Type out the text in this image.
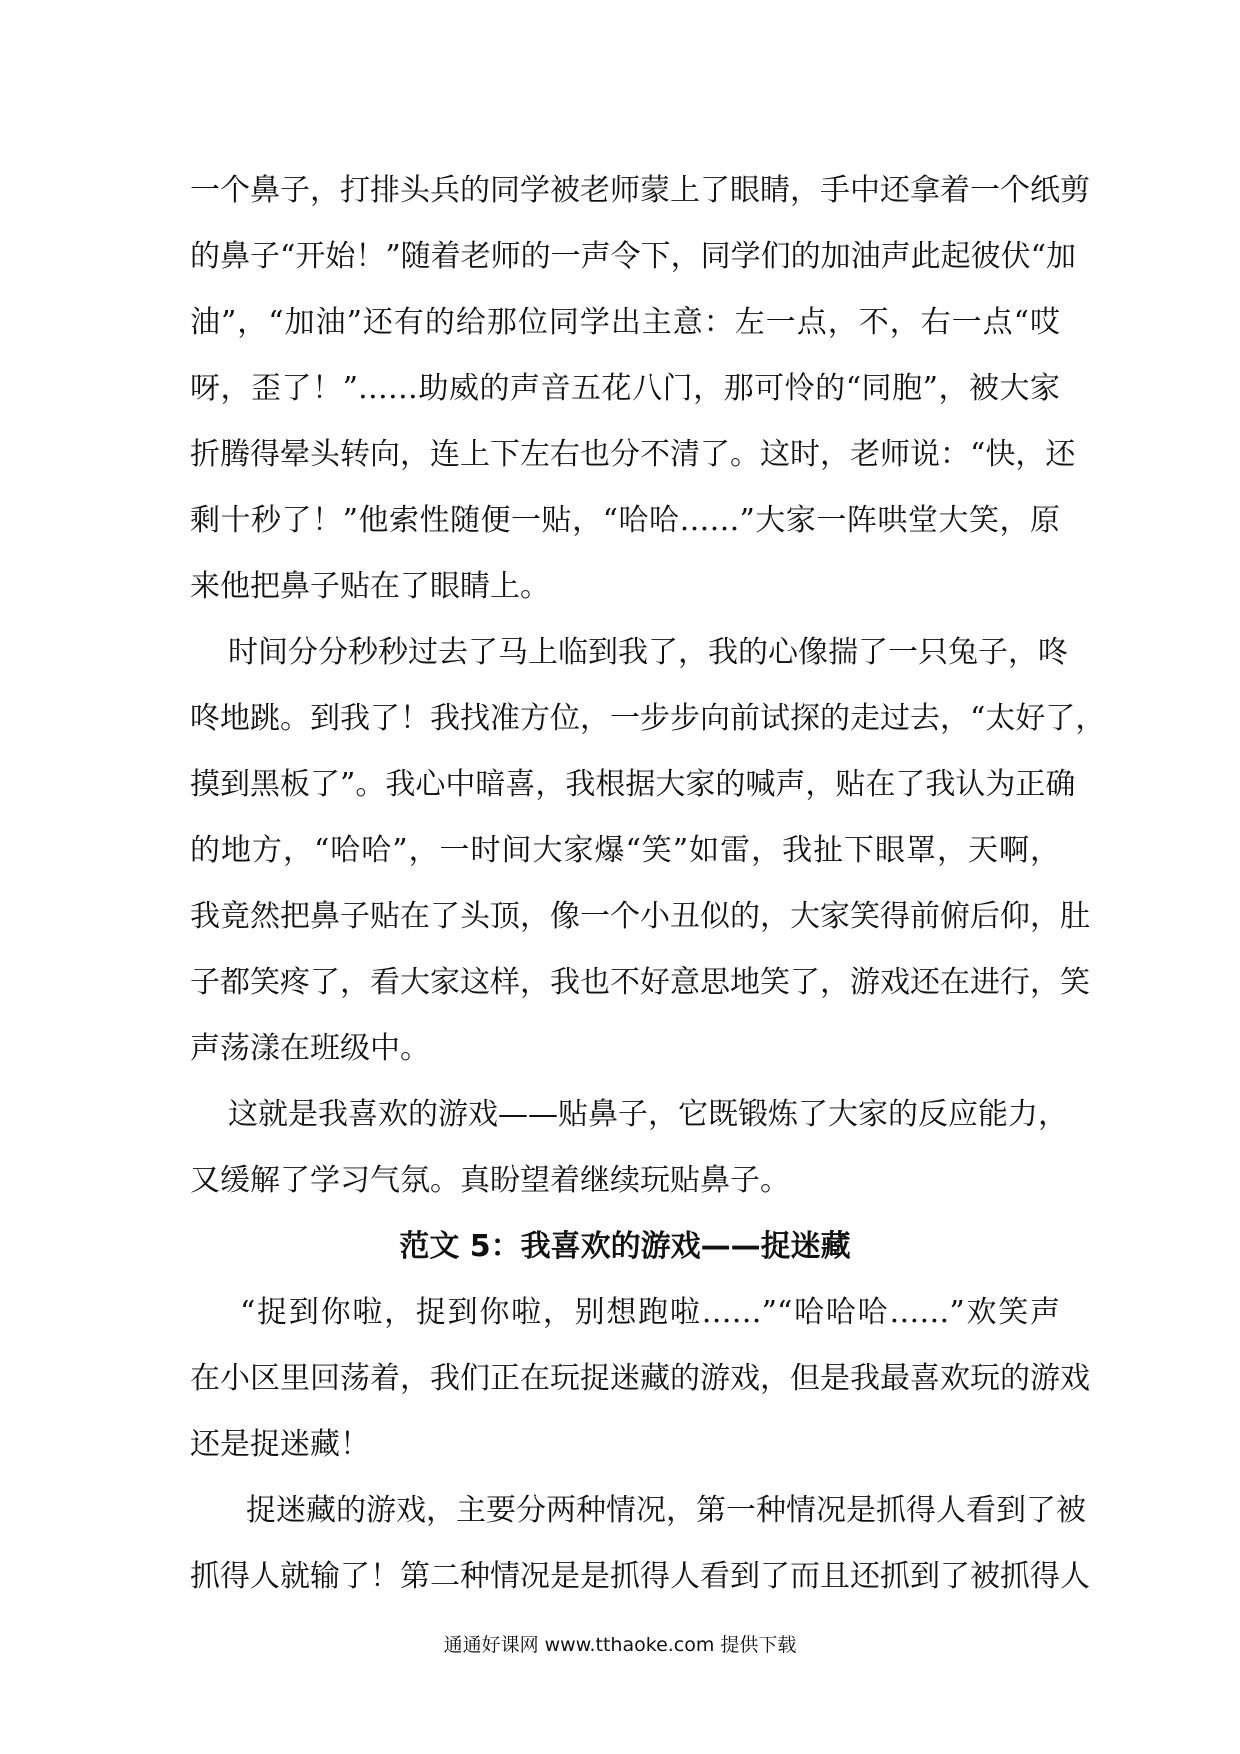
一个鼻子，打排头兵的同学被老师蒙上了眼睛，手中还拿着一个纸剪
的鼻子“开始！”随着老师的一声令下，同学们的加油声此起彼伏“加
油”，“加油”还有的给那位同学出主意：左一点，不，右一点“哎
呀，歪了！”……助威的声音五花八门，那可怜的“同胞”，被大家
折腾得晕头转向，连上下左右也分不清了。这时，老师说：“快，还
剩十秒了！”他索性随便一贴，“哈哈……”大家一阵哄堂大笑，原
来他把鼻子贴在了眼睛上。
时间分分秒秒过去了马上临到我了，我的心像揣了一只兔子，咚
咚地跳。到我了！我找准方位，一步步向前试探的走过去，“太好了，
摸到黑板了”。我心中暗喜，我根据大家的喊声，贴在了我认为正确
的地方，“哈哈”，一时间大家爆“笑”如雷，我扯下眼罩，天啊，
我竟然把鼻子贴在了头顶，像一个小丑似的，大家笑得前俯后仰，肚
子都笑疼了，看大家这样，我也不好意思地笑了，游戏还在进行，笑
声荡漾在班级中。
这就是我喜欢的游戏——贴鼻子，它既锻炼了大家的反应能力，
又缓解了学习气氛。真盼望着继续玩贴鼻子。
范文 5：我喜欢的游戏——捉迷藏
“捉到你啦，捉到你啦，别想跑啦……”“哈哈哈……”欢笑声
在小区里回荡着，我们正在玩捉迷藏的游戏，但是我最喜欢玩的游戏
还是捉迷藏！
捉迷藏的游戏，主要分两种情况，第一种情况是抓得人看到了被
抓得人就输了！第二种情况是是抓得人看到了而且还抓到了被抓得人
通通好课网 www.tthaoke.com 提供下载
